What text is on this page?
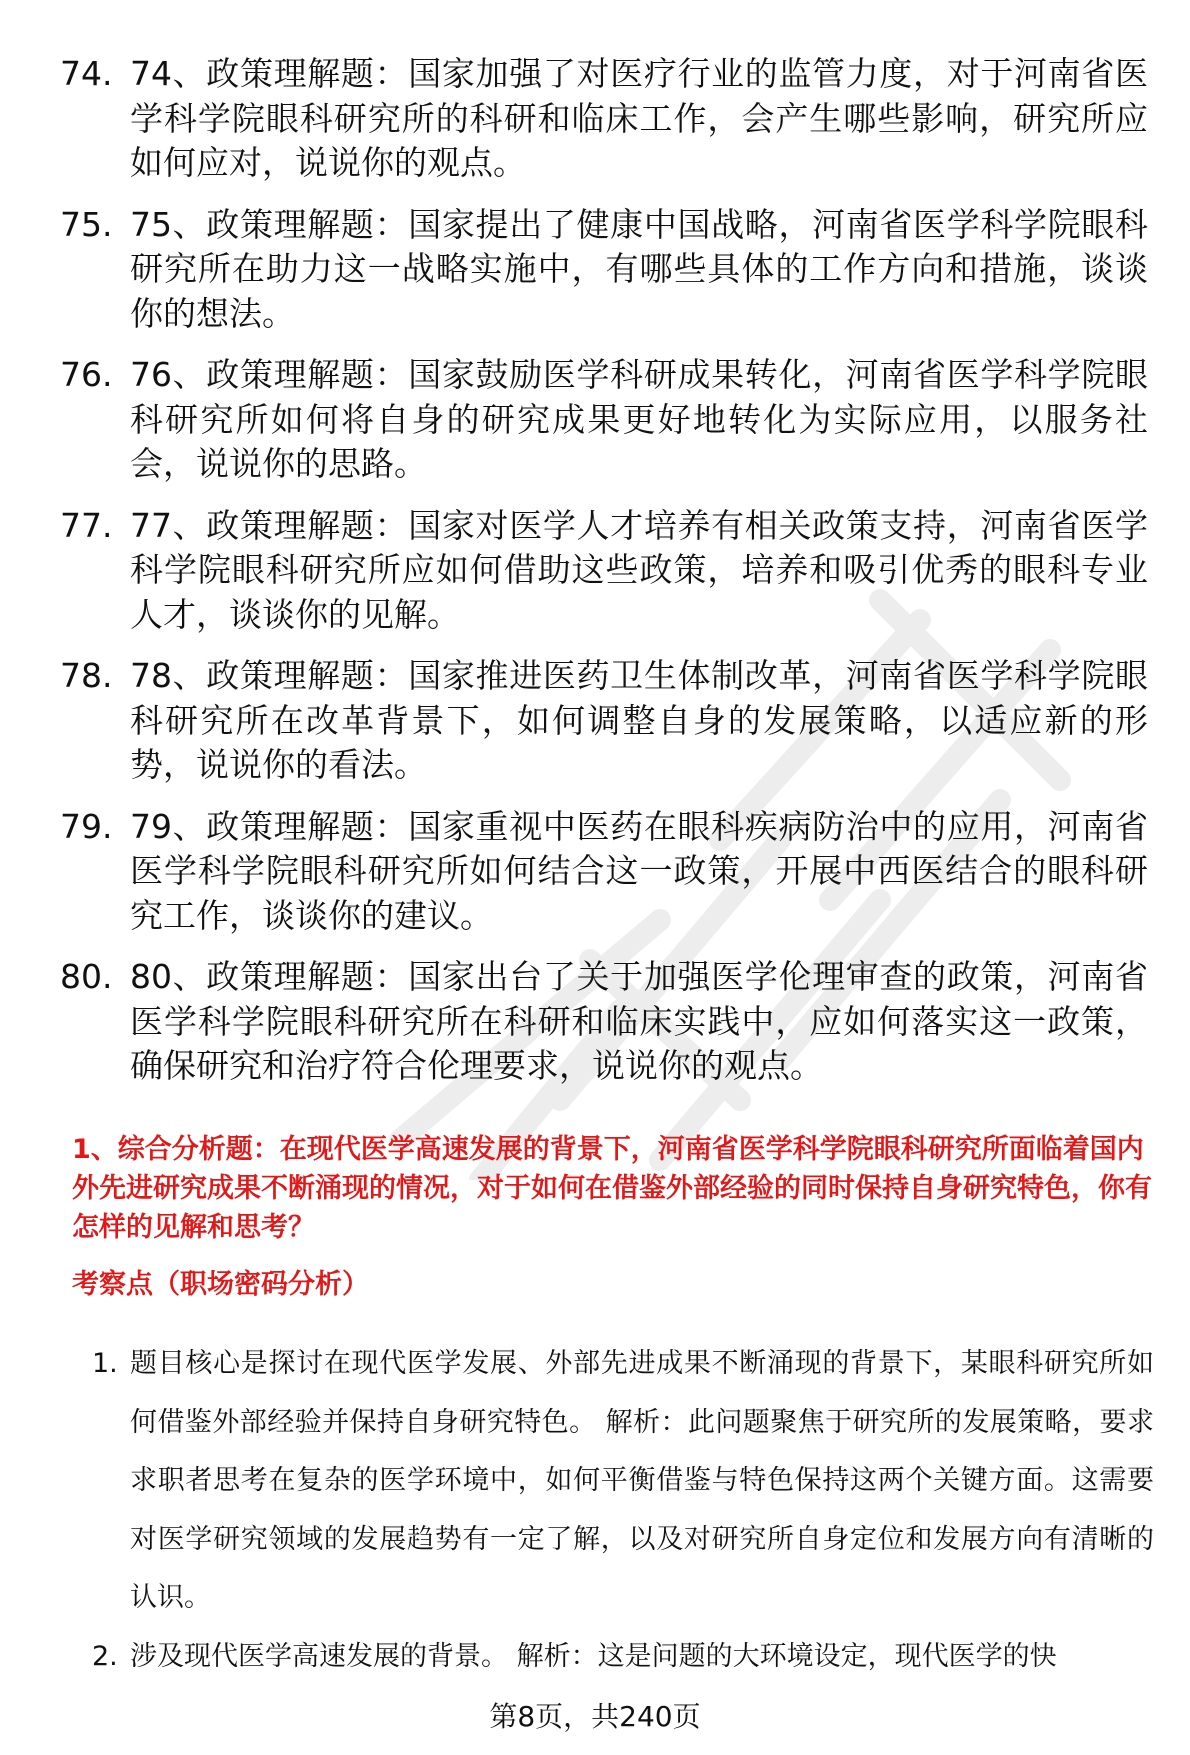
74. 74、政策理解题：国家加强了对医疗行业的监管力度，对于河南省医学科学院眼科研究所的科研和临床工作，会产生哪些影响，研究所应如何应对，说说你的观点。
75. 75、政策理解题：国家提出了健康中国战略，河南省医学科学院眼科研究所在助力这一战略实施中，有哪些具体的工作方向和措施，谈谈你的想法。
76. 76、政策理解题：国家鼓励医学科研成果转化，河南省医学科学院眼科研究所如何将自身的研究成果更好地转化为实际应用，以服务社会，说说你的思路。
77. 77、政策理解题：国家对医学人才培养有相关政策支持，河南省医学科学院眼科研究所应如何借助这些政策，培养和吸引优秀的眼科专业人才，谈谈你的见解。
78. 78、政策理解题：国家推进医药卫生体制改革，河南省医学科学院眼科研究所在改革背景下，如何调整自身的发展策略，以适应新的形势，说说你的看法。
79. 79、政策理解题：国家重视中医药在眼科疾病防治中的应用，河南省医学科学院眼科研究所如何结合这一政策，开展中西医结合的眼科研究工作，谈谈你的建议。
80. 80、政策理解题：国家出台了关于加强医学伦理审查的政策，河南省医学科学院眼科研究所在科研和临床实践中，应如何落实这一政策，确保研究和治疗符合伦理要求，说说你的观点。
1、综合分析题：在现代医学高速发展的背景下，河南省医学科学院眼科研究所面临着国内外先进研究成果不断涌现的情况，对于如何在借鉴外部经验的同时保持自身研究特色，你有怎样的见解和思考？
考察点（职场密码分析）
1. 题目核心是探讨在现代医学发展、外部先进成果不断涌现的背景下，某眼科研究所如何借鉴外部经验并保持自身研究特色。 解析：此问题聚焦于研究所的发展策略，要求求职者思考在复杂的医学环境中，如何平衡借鉴与特色保持这两个关键方面。这需要对医学研究领域的发展趋势有一定了解，以及对研究所自身定位和发展方向有清晰的认识。
2. 涉及现代医学高速发展的背景。 解析：这是问题的大环境设定，现代医学的快
第8页，共240页
